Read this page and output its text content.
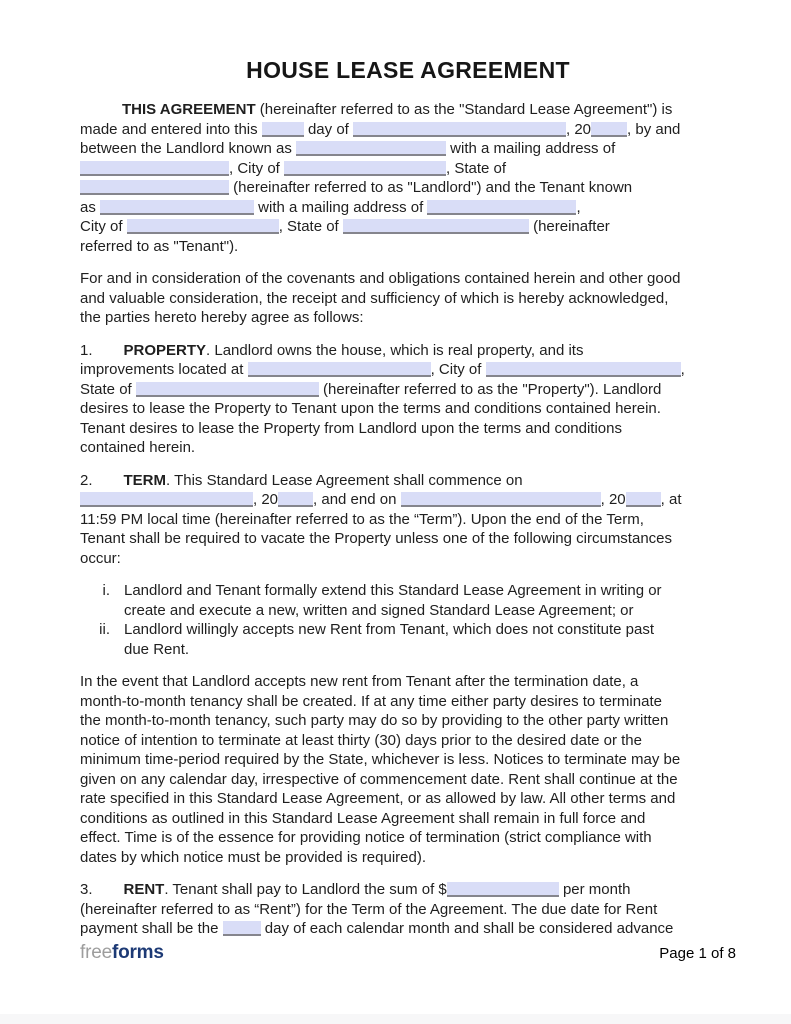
HOUSE LEASE AGREEMENT

THIS AGREEMENT (hereinafter referred to as the "Standard Lease Agreement") is
made and entered into this	day of	, 20 , by and
between the Landlord known as	with a mailing address of
, City of	, State of
(hereinafter referred to as "Landlord") and the Tenant known
as	with a mailing address of	,
City of	, State of	(hereinafter
referred to as "Tenant").

For and in consideration of the covenants and obligations contained herein and other good
and valuable consideration, the receipt and sufficiency of which is hereby acknowledged,
the parties hereto hereby agree as follows:

1. PROPERTY. Landlord owns the house, which is real property, and its
improvements located at	, City of	,
State of	(hereinafter referred to as the "Property"). Landlord
desires to lease the Property to Tenant upon the terms and conditions contained herein.
Tenant desires to lease the Property from Landlord upon the terms and conditions
contained herein.

2. TERM. This Standard Lease Agreement shall commence on
, 20 , and end on	, 20 , at
11:59 PM local time (hereinafter referred to as the “Term”). Upon the end of the Term,
Tenant shall be required to vacate the Property unless one of the following circumstances
occur:

i. Landlord and Tenant formally extend this Standard Lease Agreement in writing or
create and execute a new, written and signed Standard Lease Agreement; or
ii. Landlord willingly accepts new Rent from Tenant, which does not constitute past
due Rent.

In the event that Landlord accepts new rent from Tenant after the termination date, a
month-to-month tenancy shall be created. If at any time either party desires to terminate
the month-to-month tenancy, such party may do so by providing to the other party written
notice of intention to terminate at least thirty (30) days prior to the desired date or the
minimum time-period required by the State, whichever is less. Notices to terminate may be
given on any calendar day, irrespective of commencement date. Rent shall continue at the
rate specified in this Standard Lease Agreement, or as allowed by law. All other terms and
conditions as outlined in this Standard Lease Agreement shall remain in full force and
effect. Time is of the essence for providing notice of termination (strict compliance with
dates by which notice must be provided is required).

3. RENT. Tenant shall pay to Landlord the sum of $	per month
(hereinafter referred to as “Rent”) for the Term of the Agreement. The due date for Rent
payment shall be the	day of each calendar month and shall be considered advance

freeforms	Page 1 of 8
